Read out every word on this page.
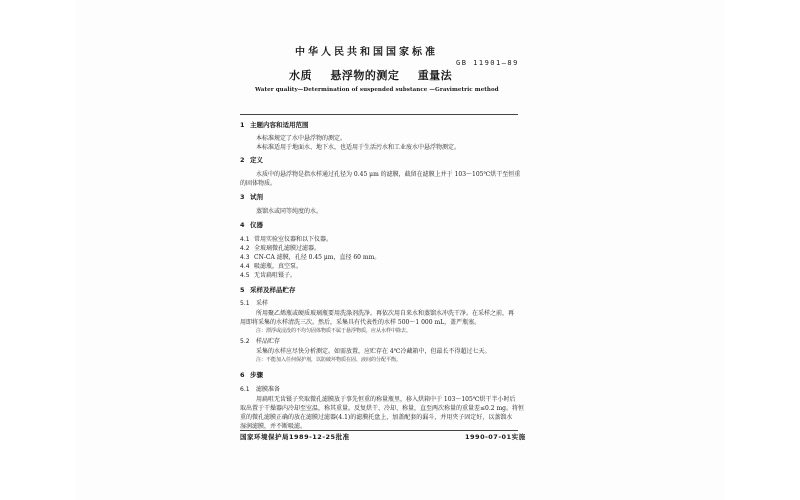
中华人民共和国国家标准
GB 11901—89
水质 悬浮物的测定 重量法
Water quality—Determination of suspended substance —Gravimetric method
1 主题内容和适用范围
本标准规定了水中悬浮物的测定。
本标准适用于地面水、地下水，也适用于生活污水和工业废水中悬浮物测定。
2 定义
水质中的悬浮物是指水样通过孔径为 0.45 μm 的滤膜，截留在滤膜上并于 103～105℃烘干至恒重
的固体物质。
3 试剂
蒸馏水或同等纯度的水。
4 仪器
4.1 常用实验室仪器和以下仪器。
4.2 全玻璃微孔滤膜过滤器。
4.3 CN-CA 滤膜，孔径 0.45 μm，直径 60 mm。
4.4 吸滤瓶，真空泵。
4.5 无齿扁咀镊子。
5 采样及样品贮存
5.1 采样
所用聚乙烯瓶或硬质玻璃瓶要用洗涤剂洗净。再依次用自来水和蒸馏水冲洗干净。在采样之前，再
用即将采集的水样清洗三次。然后，采集具有代表性的水样 500～1 000 mL，盖严瓶塞。
注：漂浮或浸没的不均匀固体物质不属于悬浮物质，应从水样中除去。
5.2 样品贮存
采集的水样应尽快分析测定。如需放置，应贮存在 4℃冷藏箱中，但最长不得超过七天。
注：不能加入任何保护剂，以防破坏物质在固、液间的分配平衡。
6 步骤
6.1 滤膜准备
用扁咀无齿镊子夹取微孔滤膜放于事先恒重的称量瓶里，移入烘箱中于 103～105℃烘干半小时后
取出置于干燥器内冷却至室温，称其重量。反复烘干、冷却、称量，直至两次称量的重量差≤0.2 mg。将恒
重的微孔滤膜正确的放在滤膜过滤器(4.1)的滤膜托盘上，加盖配套的漏斗，并用夹子固定好，以蒸馏水
湿润滤膜，并不断吸滤。
国家环境保护局1989-12-25批准	1990-07-01实施
